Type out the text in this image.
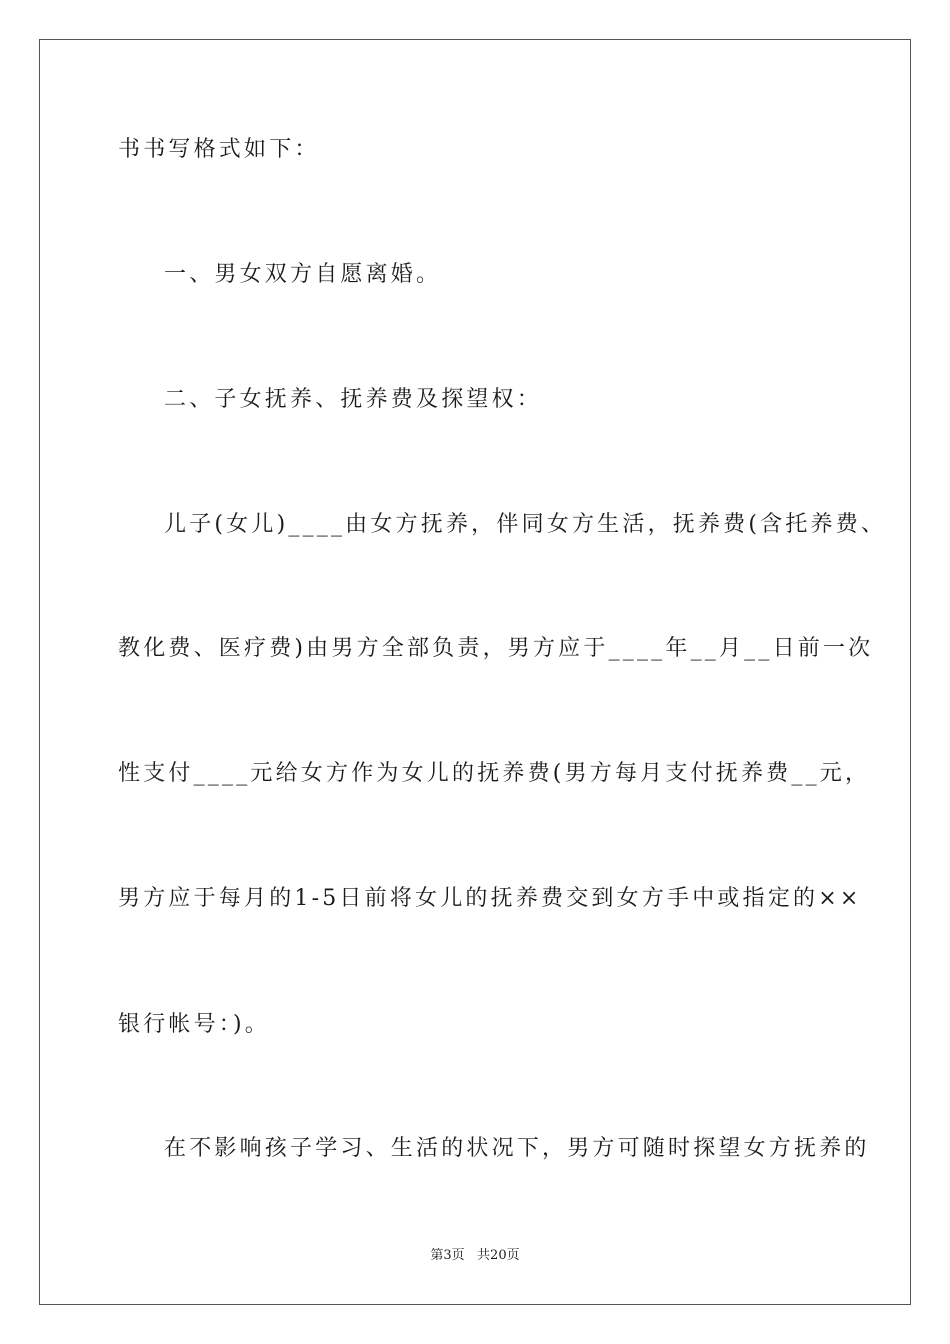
书书写格式如下：
一、男女双方自愿离婚。
二、子女抚养、抚养费及探望权：
儿子(女儿)____由女方抚养，伴同女方生活，抚养费(含托养费、
教化费、医疗费)由男方全部负责，男方应于____年__月__日前一次
性支付____元给女方作为女儿的抚养费(男方每月支付抚养费__元，
男方应于每月的1-5日前将女儿的抚养费交到女方手中或指定的××
银行帐号：)。
在不影响孩子学习、生活的状况下，男方可随时探望女方抚养的
第3页   共20页
